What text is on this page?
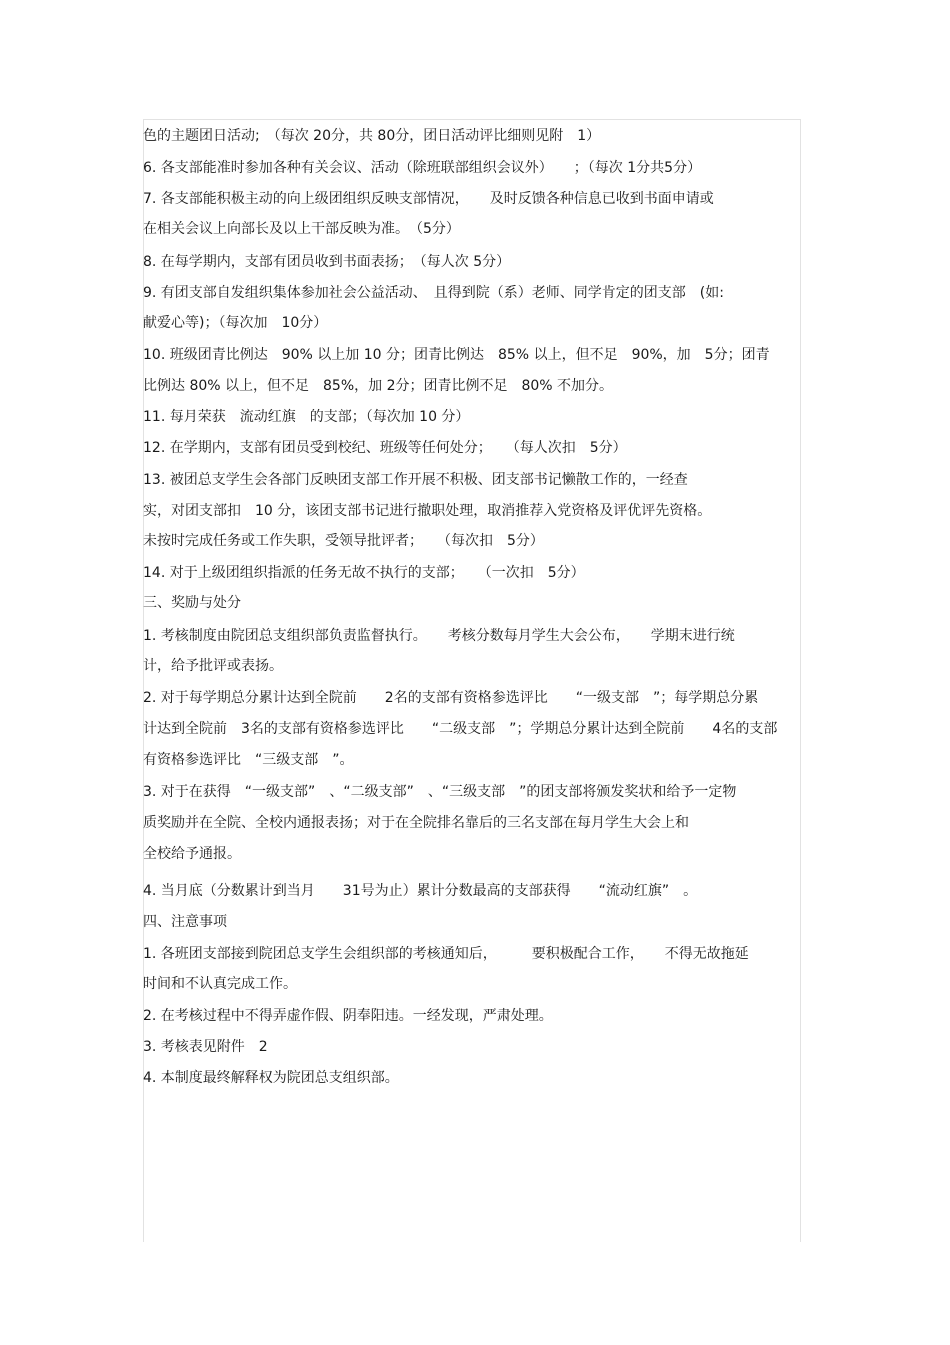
色的主题团日活动;　（每次 20分，共 80分，团日活动评比细则见附　1）
6. 各支部能准时参加各种有关会议、活动（除班联部组织会议外）　　；（每次 1分共5分）
7. 各支部能积极主动的向上级团组织反映支部情况，　　及时反馈各种信息已收到书面申请或
在相关会议上向部长及以上干部反映为准。　（5分）
8. 在每学期内，支部有团员收到书面表扬；　（每人次 5分）
9. 有团支部自发组织集体参加社会公益活动、　且得到院（系）老师、同学肯定的团支部　(如:
献爱心等)；（每次加　10分）
10. 班级团青比例达　90% 以上加 10 分；团青比例达　85% 以上，但不足　90%，加　5分；团青
比例达 80% 以上，但不足　85%，加 2分；团青比例不足　80% 不加分。
11. 每月荣获　流动红旗　的支部；（每次加 10 分）
12. 在学期内，支部有团员受到校纪、班级等任何处分；　　（每人次扣　5分）
13. 被团总支学生会各部门反映团支部工作开展不积极、团支部书记懒散工作的，一经查
实，对团支部扣　10 分，该团支部书记进行撤职处理，取消推荐入党资格及评优评先资格。
未按时完成任务或工作失职，受领导批评者；　　（每次扣　5分）
14. 对于上级团组织指派的任务无故不执行的支部；　　（一次扣　5分）
三、奖励与处分
1. 考核制度由院团总支组织部负责监督执行。　　考核分数每月学生大会公布，　　学期末进行统
计，给予批评或表扬。
2. 对于每学期总分累计达到全院前　　2名的支部有资格参选评比　　“一级支部　”；每学期总分累
计达到全院前　3名的支部有资格参选评比　　“二级支部　”；学期总分累计达到全院前　　4名的支部
有资格参选评比　“三级支部　”。
3. 对于在获得　“一级支部”　、“二级支部”　、“三级支部　”的团支部将颁发奖状和给予一定物
质奖励并在全院、全校内通报表扬；对于在全院排名靠后的三名支部在每月学生大会上和
全校给予通报。
4. 当月底（分数累计到当月　　31号为止）累计分数最高的支部获得　　“流动红旗”　。
四、注意事项
1. 各班团支部接到院团总支学生会组织部的考核通知后，　　　要积极配合工作，　　不得无故拖延
时间和不认真完成工作。
2. 在考核过程中不得弄虚作假、阴奉阳违。一经发现，严肃处理。
3. 考核表见附件　2
4. 本制度最终解释权为院团总支组织部。
